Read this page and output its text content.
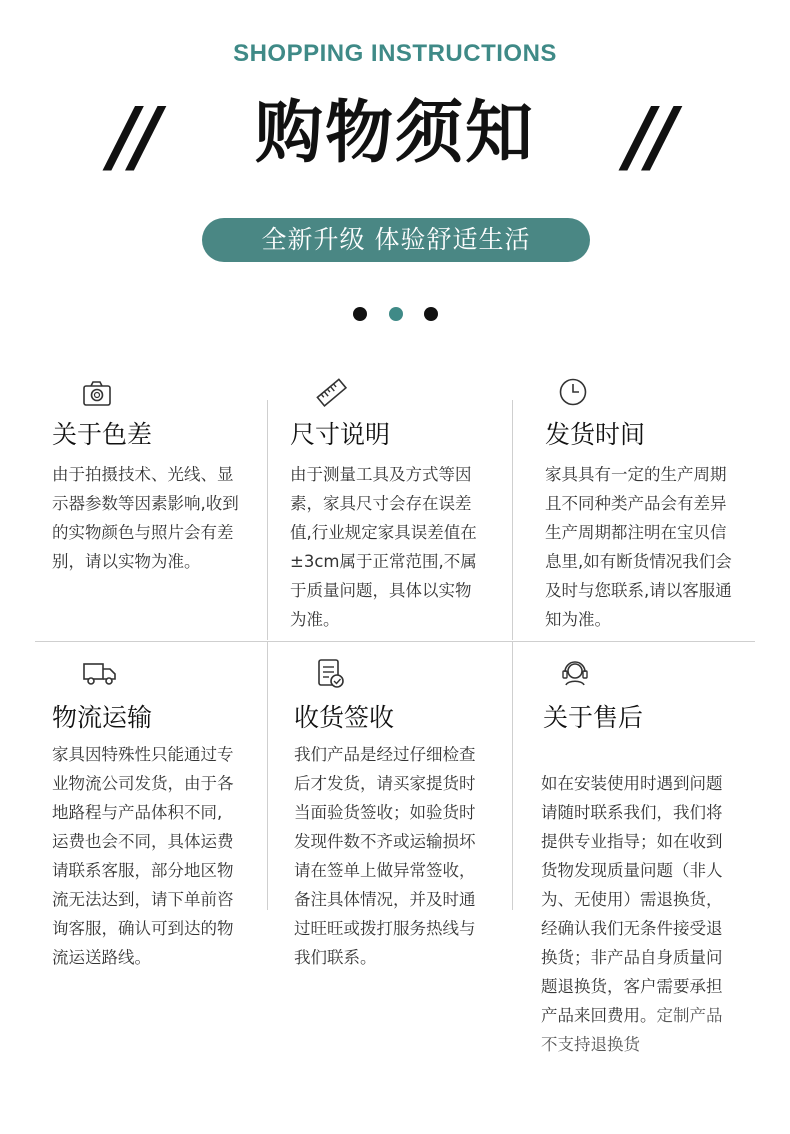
SHOPPING INSTRUCTIONS
//	购物须知	//
全新升级 体验舒适生活
关于色差
由于拍摄技术、光线、显
示器参数等因素影响,收到
的实物颜色与照片会有差
别，请以实物为准。
尺寸说明
由于测量工具及方式等因
素，家具尺寸会存在误差
值,行业规定家具误差值在
±3cm属于正常范围,不属
于质量问题，具体以实物
为准。
发货时间
家具具有一定的生产周期
且不同种类产品会有差异
生产周期都注明在宝贝信
息里,如有断货情况我们会
及时与您联系,请以客服通
知为准。
物流运输
家具因特殊性只能通过专
业物流公司发货，由于各
地路程与产品体积不同,
运费也会不同，具体运费
请联系客服，部分地区物
流无法达到，请下单前咨
询客服，确认可到达的物
流运送路线。
收货签收
我们产品是经过仔细检查
后才发货，请买家提货时
当面验货签收；如验货时
发现件数不齐或运输损坏
请在签单上做异常签收，
备注具体情况，并及时通
过旺旺或拨打服务热线与
我们联系。
关于售后

如在安装使用时遇到问题
请随时联系我们，我们将
提供专业指导；如在收到
货物发现质量问题（非人
为、无使用）需退换货，
经确认我们无条件接受退
换货；非产品自身质量问
题退换货，客户需要承担
产品来回费用。定制产品
不支持退换货
